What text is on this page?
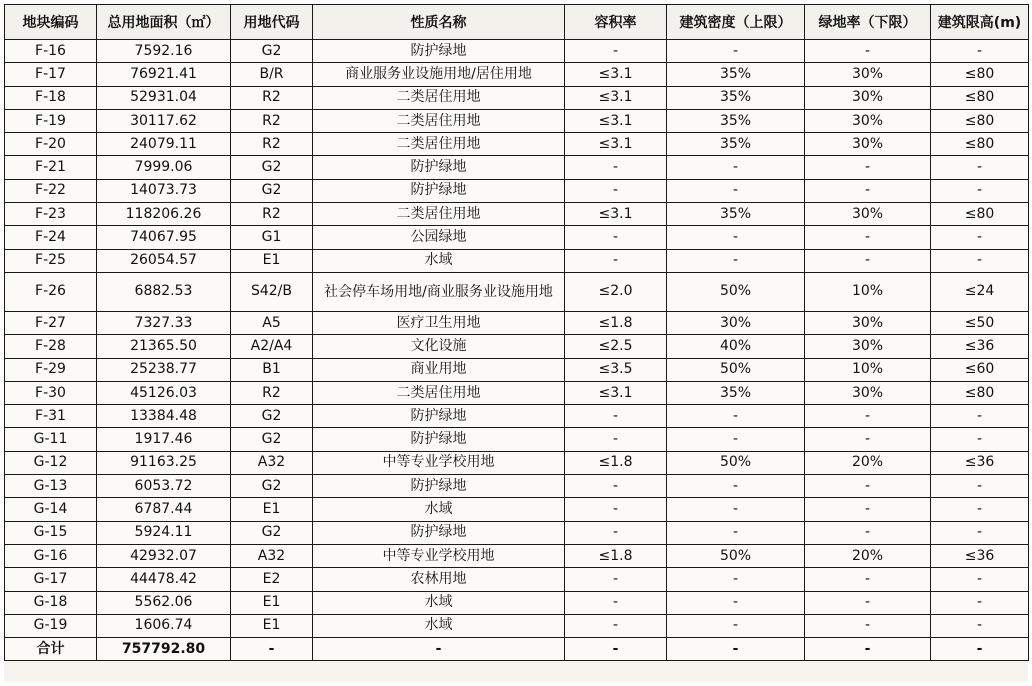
地块编码	总用地面积（㎡）	用地代码	性质名称	容积率	建筑密度（上限）	绿地率（下限）	建筑限高(m)
F-16	7592.16	G2	防护绿地	-	-	-	-
F-17	76921.41	B/R	商业服务业设施用地/居住用地	≤3.1	35%	30%	≤80
F-18	52931.04	R2	二类居住用地	≤3.1	35%	30%	≤80
F-19	30117.62	R2	二类居住用地	≤3.1	35%	30%	≤80
F-20	24079.11	R2	二类居住用地	≤3.1	35%	30%	≤80
F-21	7999.06	G2	防护绿地	-	-	-	-
F-22	14073.73	G2	防护绿地	-	-	-	-
F-23	118206.26	R2	二类居住用地	≤3.1	35%	30%	≤80
F-24	74067.95	G1	公园绿地	-	-	-	-
F-25	26054.57	E1	水域	-	-	-	-
F-26	6882.53	S42/B	社会停车场用地/商业服务业设施用地	≤2.0	50%	10%	≤24
F-27	7327.33	A5	医疗卫生用地	≤1.8	30%	30%	≤50
F-28	21365.50	A2/A4	文化设施	≤2.5	40%	30%	≤36
F-29	25238.77	B1	商业用地	≤3.5	50%	10%	≤60
F-30	45126.03	R2	二类居住用地	≤3.1	35%	30%	≤80
F-31	13384.48	G2	防护绿地	-	-	-	-
G-11	1917.46	G2	防护绿地	-	-	-	-
G-12	91163.25	A32	中等专业学校用地	≤1.8	50%	20%	≤36
G-13	6053.72	G2	防护绿地	-	-	-	-
G-14	6787.44	E1	水域	-	-	-	-
G-15	5924.11	G2	防护绿地	-	-	-	-
G-16	42932.07	A32	中等专业学校用地	≤1.8	50%	20%	≤36
G-17	44478.42	E2	农林用地	-	-	-	-
G-18	5562.06	E1	水域	-	-	-	-
G-19	1606.74	E1	水域	-	-	-	-
合计	757792.80	-	-	-	-	-	-
